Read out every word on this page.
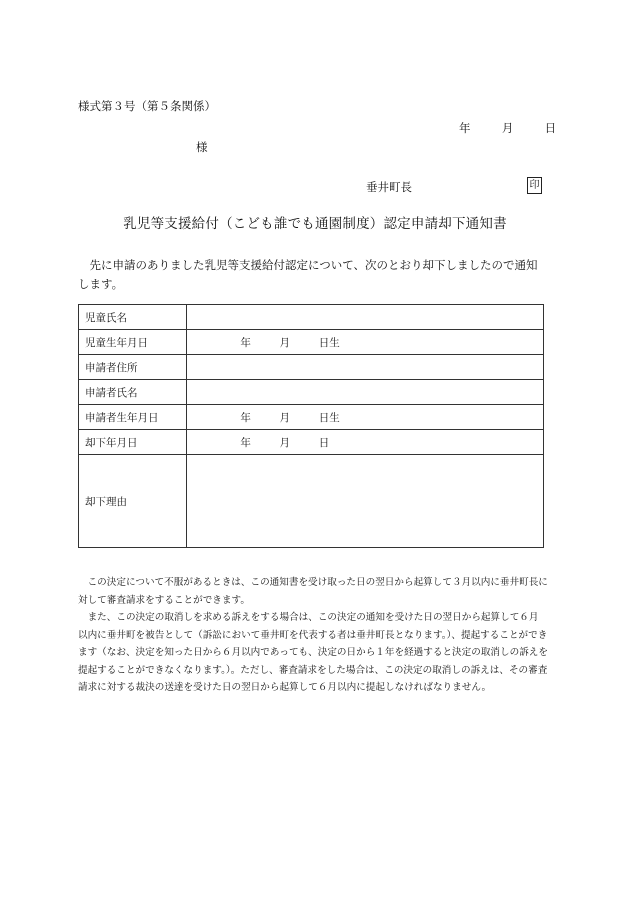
様式第３号（第５条関係）
年	月	日
様
垂井町長	印
乳児等支援給付（こども誰でも通園制度）認定申請却下通知書
先に申請のありました乳児等支援給付認定について、次のとおり却下しましたので通知します。
児童氏名	
児童生年月日	年 月 日生
申請者住所	
申請者氏名	
申請者生年月日	年 月 日生
却下年月日	年 月 日
却下理由	

この決定について不服があるときは、この通知書を受け取った日の翌日から起算して３月以内に垂井町長に対して審査請求をすることができます。

また、この決定の取消しを求める訴えをする場合は、この決定の通知を受けた日の翌日から起算して６月以内に垂井町を被告として（訴訟において垂井町を代表する者は垂井町長となります。）、提起することができます（なお、決定を知った日から６月以内であっても、決定の日から１年を経過すると決定の取消しの訴えを提起することができなくなります。）。ただし、審査請求をした場合は、この決定の取消しの訴えは、その審査請求に対する裁決の送達を受けた日の翌日から起算して６月以内に提起しなければなりません。
